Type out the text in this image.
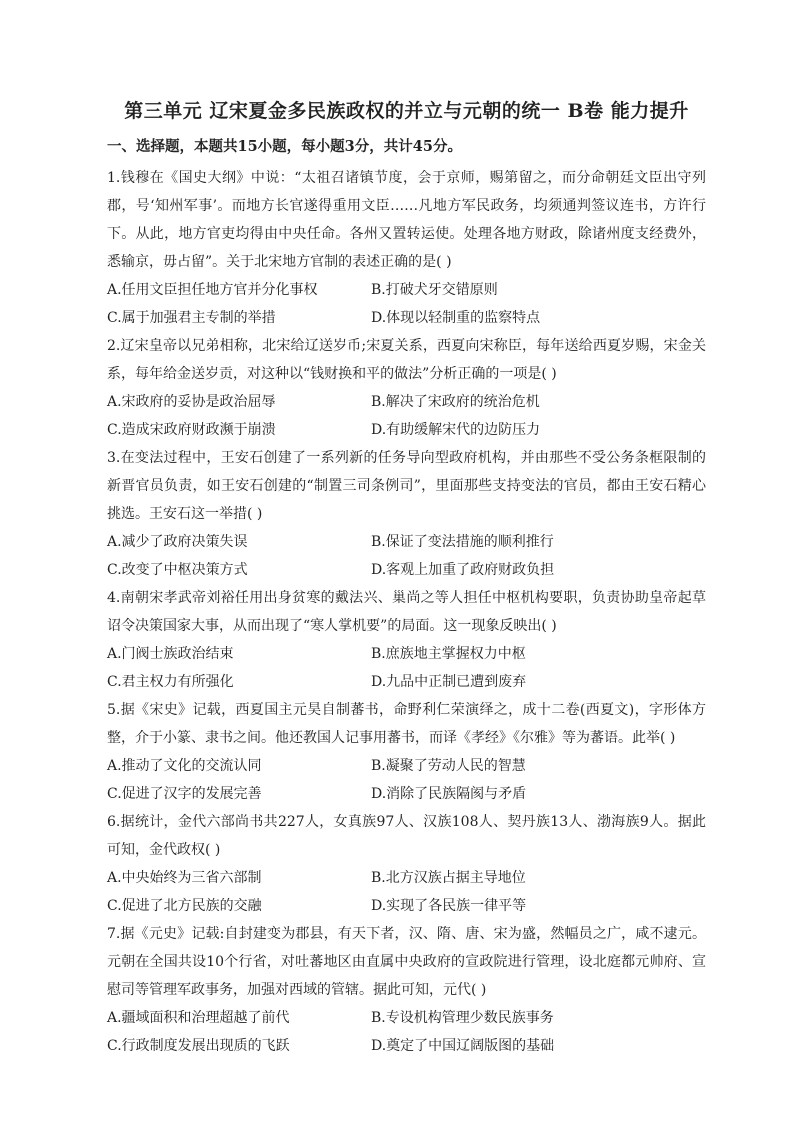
第三单元 辽宋夏金多民族政权的并立与元朝的统一 B卷 能力提升
一、选择题，本题共15小题，每小题3分，共计45分。

1.钱穆在《国史大纲》中说：“太祖召诸镇节度，会于京师，赐第留之，而分命朝廷文臣出守列郡，号‘知州军事’。而地方长官遂得重用文臣……凡地方军民政务，均须通判签议连书，方许行下。从此，地方官吏均得由中央任命。各州又置转运使。处理各地方财政，除诸州度支经费外，悉输京，毋占留”。关于北宋地方官制的表述正确的是( )

A.任用文臣担任地方官并分化事权	B.打破犬牙交错原则
C.属于加强君主专制的举措	D.体现以轻制重的监察特点

2.辽宋皇帝以兄弟相称，北宋给辽送岁币;宋夏关系，西夏向宋称臣，每年送给西夏岁赐，宋金关系，每年给金送岁贡，对这种以“钱财换和平的做法”分析正确的一项是( )

A.宋政府的妥协是政治屈辱	B.解决了宋政府的统治危机
C.造成宋政府财政濒于崩溃	D.有助缓解宋代的边防压力

3.在变法过程中，王安石创建了一系列新的任务导向型政府机构，并由那些不受公务条框限制的新晋官员负责，如王安石创建的“制置三司条例司”，里面那些支持变法的官员，都由王安石精心挑选。王安石这一举措( )

A.减少了政府决策失误	B.保证了变法措施的顺利推行
C.改变了中枢决策方式	D.客观上加重了政府财政负担

4.南朝宋孝武帝刘裕任用出身贫寒的戴法兴、巢尚之等人担任中枢机构要职，负责协助皇帝起草诏令决策国家大事，从而出现了“寒人掌机要”的局面。这一现象反映出( )

A.门阀士族政治结束	B.庶族地主掌握权力中枢
C.君主权力有所强化	D.九品中正制已遭到废弃

5.据《宋史》记载，西夏国主元昊自制蕃书，命野利仁荣演绎之，成十二卷(西夏文)，字形体方整，介于小篆、隶书之间。他还教国人记事用蕃书，而译《孝经》《尔雅》等为蕃语。此举( )

A.推动了文化的交流认同	B.凝聚了劳动人民的智慧
C.促进了汉字的发展完善	D.消除了民族隔阂与矛盾

6.据统计，金代六部尚书共227人，女真族97人、汉族108人、契丹族13人、渤海族9人。据此可知，金代政权( )

A.中央始终为三省六部制	B.北方汉族占据主导地位
C.促进了北方民族的交融	D.实现了各民族一律平等

7.据《元史》记载:自封建变为郡县，有天下者，汉、隋、唐、宋为盛，然幅员之广，咸不逮元。元朝在全国共设10个行省，对吐蕃地区由直属中央政府的宣政院进行管理，设北庭都元帅府、宣慰司等管理军政事务，加强对西域的管辖。据此可知，元代( )

A.疆域面积和治理超越了前代	B.专设机构管理少数民族事务
C.行政制度发展出现质的飞跃	D.奠定了中国辽阔版图的基础
